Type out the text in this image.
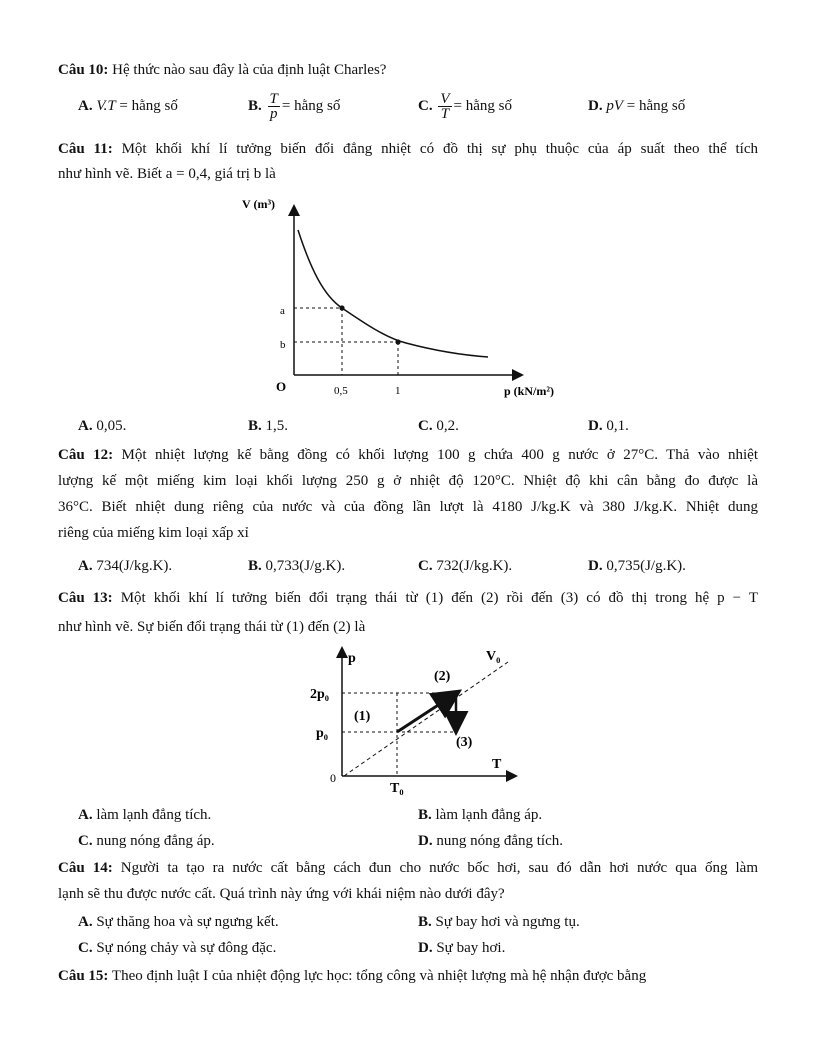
Câu 10: Hệ thức nào sau đây là của định luật Charles?
A. V.T = hằng số	B. $\frac{T}{p}$ = hằng số	C. $\frac{V}{T}$ = hằng số	D. pV = hằng số
Câu 11: Một khối khí lí tưởng biến đổi đẳng nhiệt có đồ thị sự phụ thuộc của áp suất theo thể tích
như hình vẽ. Biết a = 0,4, giá trị b là
V (m³)
p (kN/m²)
O
a
b
0,5	1
A. 0,05.	B. 1,5.	C. 0,2.	D. 0,1.
Câu 12: Một nhiệt lượng kế bằng đồng có khối lượng 100 g chứa 400 g nước ở 27°C. Thả vào nhiệt
lượng kế một miếng kim loại khối lượng 250 g ở nhiệt độ 120°C. Nhiệt độ khi cân bằng đo được là
36°C. Biết nhiệt dung riêng của nước và của đồng lần lượt là 4180 J/kg.K và 380 J/kg.K. Nhiệt dung
riêng của miếng kim loại xấp xỉ
A. 734(J/kg.K).	B. 0,733(J/g.K).	C. 732(J/kg.K).	D. 0,735(J/g.K).
Câu 13: Một khối khí lí tưởng biến đổi trạng thái từ (1) đến (2) rồi đến (3) có đồ thị trong hệ p − T
như hình vẽ. Sự biến đổi trạng thái từ (1) đến (2) là
p
T
V₀
2p₀
p₀
T₀
0
(1)
(2)
(3)
A. làm lạnh đẳng tích.	B. làm lạnh đẳng áp.
C. nung nóng đẳng áp.	D. nung nóng đẳng tích.
Câu 14: Người ta tạo ra nước cất bằng cách đun cho nước bốc hơi, sau đó dẫn hơi nước qua ống làm
lạnh sẽ thu được nước cất. Quá trình này ứng với khái niệm nào dưới đây?
A. Sự thăng hoa và sự ngưng kết.	B. Sự bay hơi và ngưng tụ.
C. Sự nóng chảy và sự đông đặc.	D. Sự bay hơi.
Câu 15: Theo định luật I của nhiệt động lực học: tổng công và nhiệt lượng mà hệ nhận được bằng
